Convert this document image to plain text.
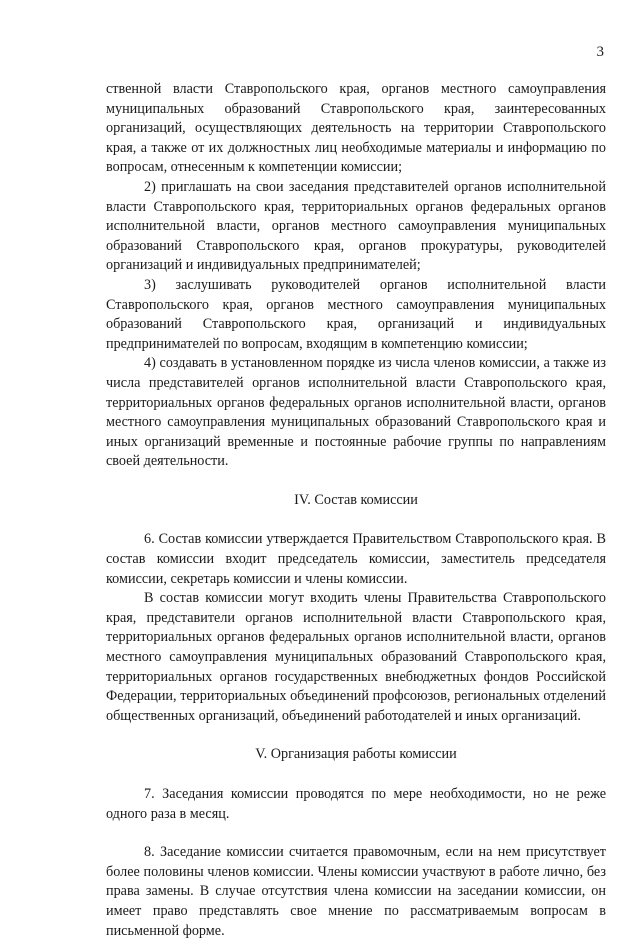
3

ственной власти Ставропольского края, органов местного самоуправления муниципальных образований Ставропольского края, заинтересованных организаций, осуществляющих деятельность на территории Ставропольского края, а также от их должностных лиц необходимые материалы и информацию по вопросам, отнесенным к компетенции комиссии;

2) приглашать на свои заседания представителей органов исполнительной власти Ставропольского края, территориальных органов федеральных органов исполнительной власти, органов местного самоуправления муниципальных образований Ставропольского края, органов прокуратуры, руководителей организаций и индивидуальных предпринимателей;

3) заслушивать руководителей органов исполнительной власти Ставропольского края, органов местного самоуправления муниципальных образований Ставропольского края, организаций и индивидуальных предпринимателей по вопросам, входящим в компетенцию комиссии;

4) создавать в установленном порядке из числа членов комиссии, а также из числа представителей органов исполнительной власти Ставропольского края, территориальных органов федеральных органов исполнительной власти, органов местного самоуправления муниципальных образований Ставропольского края и иных организаций временные и постоянные рабочие группы по направлениям своей деятельности.

IV. Состав комиссии

6. Состав комиссии утверждается Правительством Ставропольского края. В состав комиссии входит председатель комиссии, заместитель председателя комиссии, секретарь комиссии и члены комиссии.

В состав комиссии могут входить члены Правительства Ставропольского края, представители органов исполнительной власти Ставропольского края, территориальных органов федеральных органов исполнительной власти, органов местного самоуправления муниципальных образований Ставропольского края, территориальных органов государственных внебюджетных фондов Российской Федерации, территориальных объединений профсоюзов, региональных отделений общественных организаций, объединений работодателей и иных организаций.

V. Организация работы комиссии

7. Заседания комиссии проводятся по мере необходимости, но не реже одного раза в месяц.

8. Заседание комиссии считается правомочным, если на нем присутствует более половины членов комиссии. Члены комиссии участвуют в работе лично, без права замены. В случае отсутствия члена комиссии на заседании комиссии, он имеет право представлять свое мнение по рассматриваемым вопросам в письменной форме.
